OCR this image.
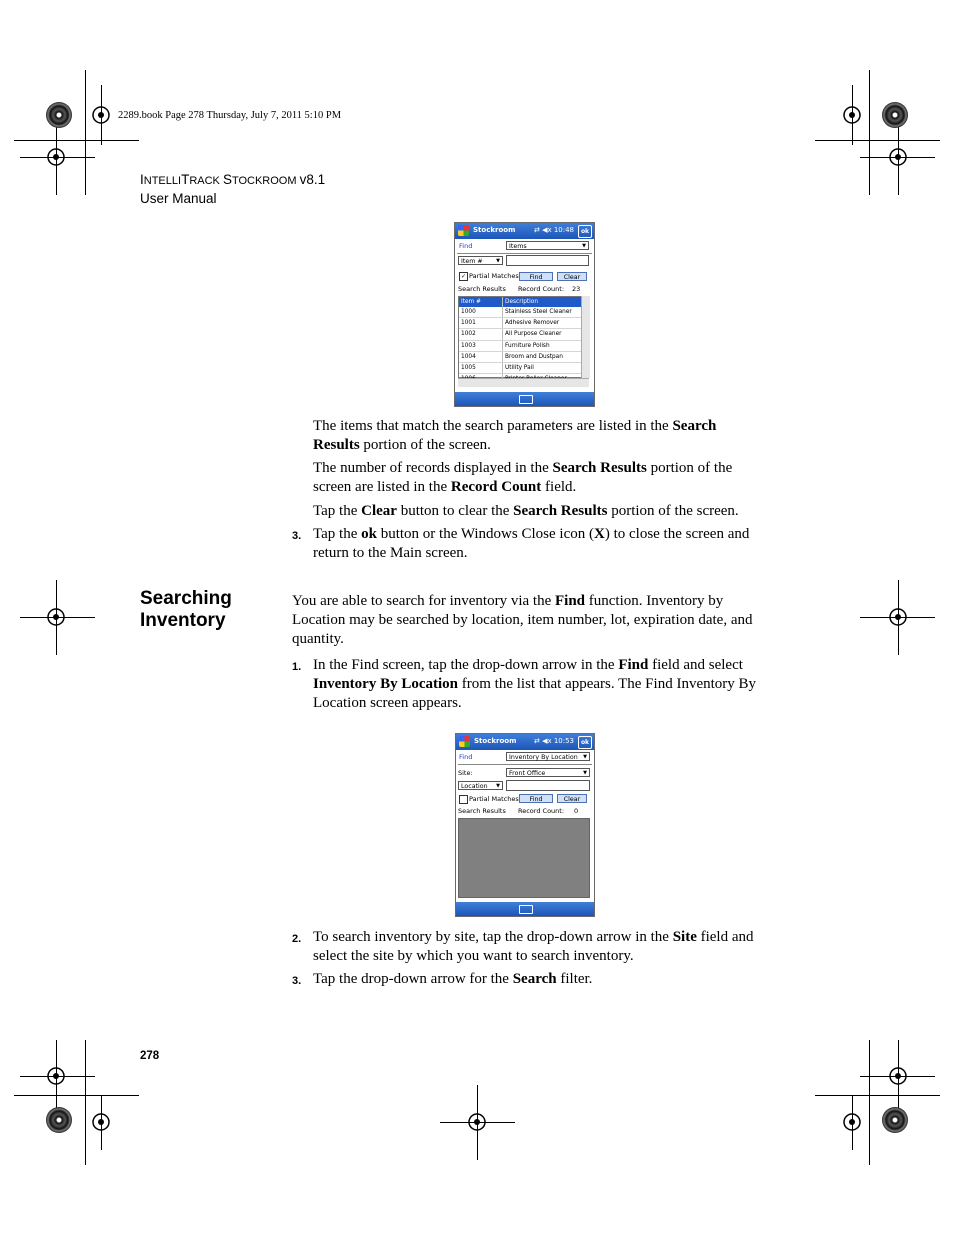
2289.book Page 278 Thursday, July 7, 2011 5:10 PM
INTELLITRACK STOCKROOM v8.1
User Manual
Stockroom	⇄ ◀x 10:48	ok
Find	Items	▼
Item #	▼
✓ Partial Matches	Find	Clear
Search Results Record Count: 23
Item #	Description
1000	Stainless Steel Cleaner
1001	Adhesive Remover
1002	All Purpose Cleaner
1003	Furniture Polish
1004	Broom and Dustpan
1005	Utility Pail

The items that match the search parameters are listed in the Search
Results portion of the screen.

The number of records displayed in the Search Results portion of the screen are listed in the Record Count field.

Tap the Clear button to clear the Search Results portion of the screen.

3. Tap the ok button or the Windows Close icon (X) to close the screen and return to the Main screen.

Searching
Inventory

You are able to search for inventory via the Find function. Inventory by Location may be searched by location, item number, lot, expiration date, and quantity.

1. In the Find screen, tap the drop-down arrow in the Find field and select Inventory By Location from the list that appears. The Find Inventory By Location screen appears.

Stockroom	⇄ ◀x 10:53	ok
Find	Inventory By Location ▼
Site:	Front Office	▼
Location ▼
Partial Matches	Find	Clear
Search Results Record Count: 0
2. To search inventory by site, tap the drop-down arrow in the Site field and select the site by which you want to search inventory.

3. Tap the drop-down arrow for the Search filter.

278
